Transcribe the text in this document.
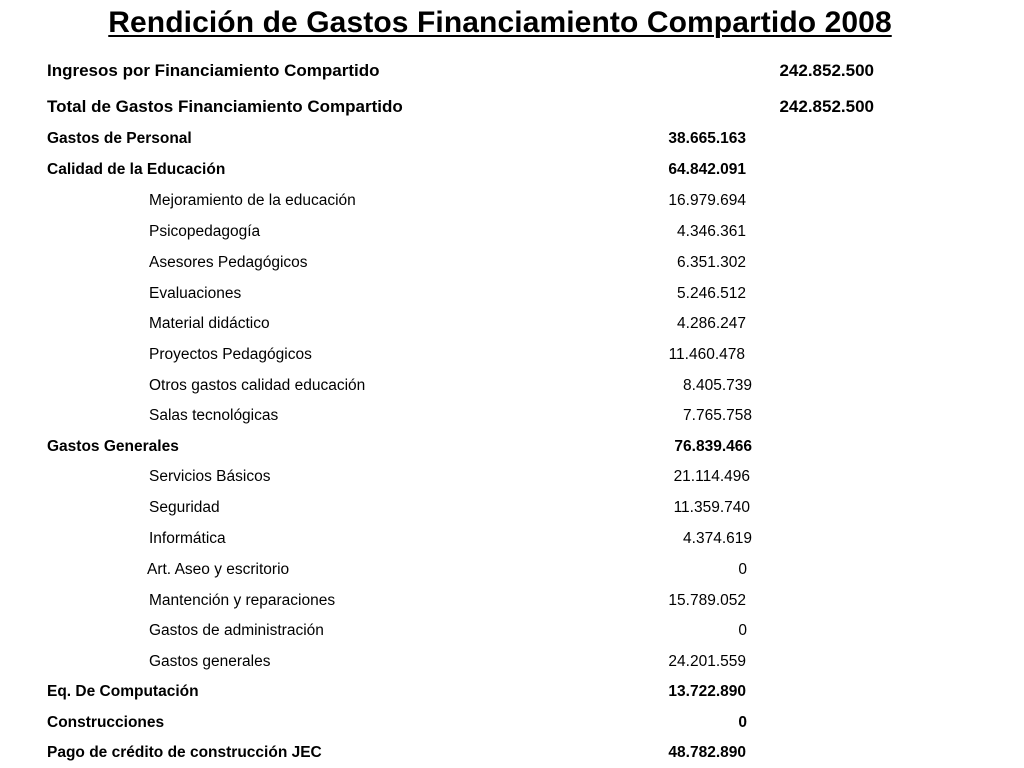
Rendición de Gastos Financiamiento Compartido 2008
Ingresos por Financiamiento Compartido	242.852.500
Total de Gastos Financiamiento Compartido	242.852.500
Gastos de Personal	38.665.163
Calidad de la Educación	64.842.091
Mejoramiento de la educación	16.979.694
Psicopedagogía	4.346.361
Asesores Pedagógicos	6.351.302
Evaluaciones	5.246.512
Material didáctico	4.286.247
Proyectos Pedagógicos	11.460.478
Otros gastos calidad educación	8.405.739
Salas tecnológicas	7.765.758
Gastos Generales	76.839.466
Servicios Básicos	21.114.496
Seguridad	11.359.740
Informática	4.374.619
Art. Aseo y escritorio	0
Mantención y reparaciones	15.789.052
Gastos de administración	0
Gastos generales	24.201.559
Eq. De Computación	13.722.890
Construcciones	0
Pago de crédito de construcción JEC	48.782.890
